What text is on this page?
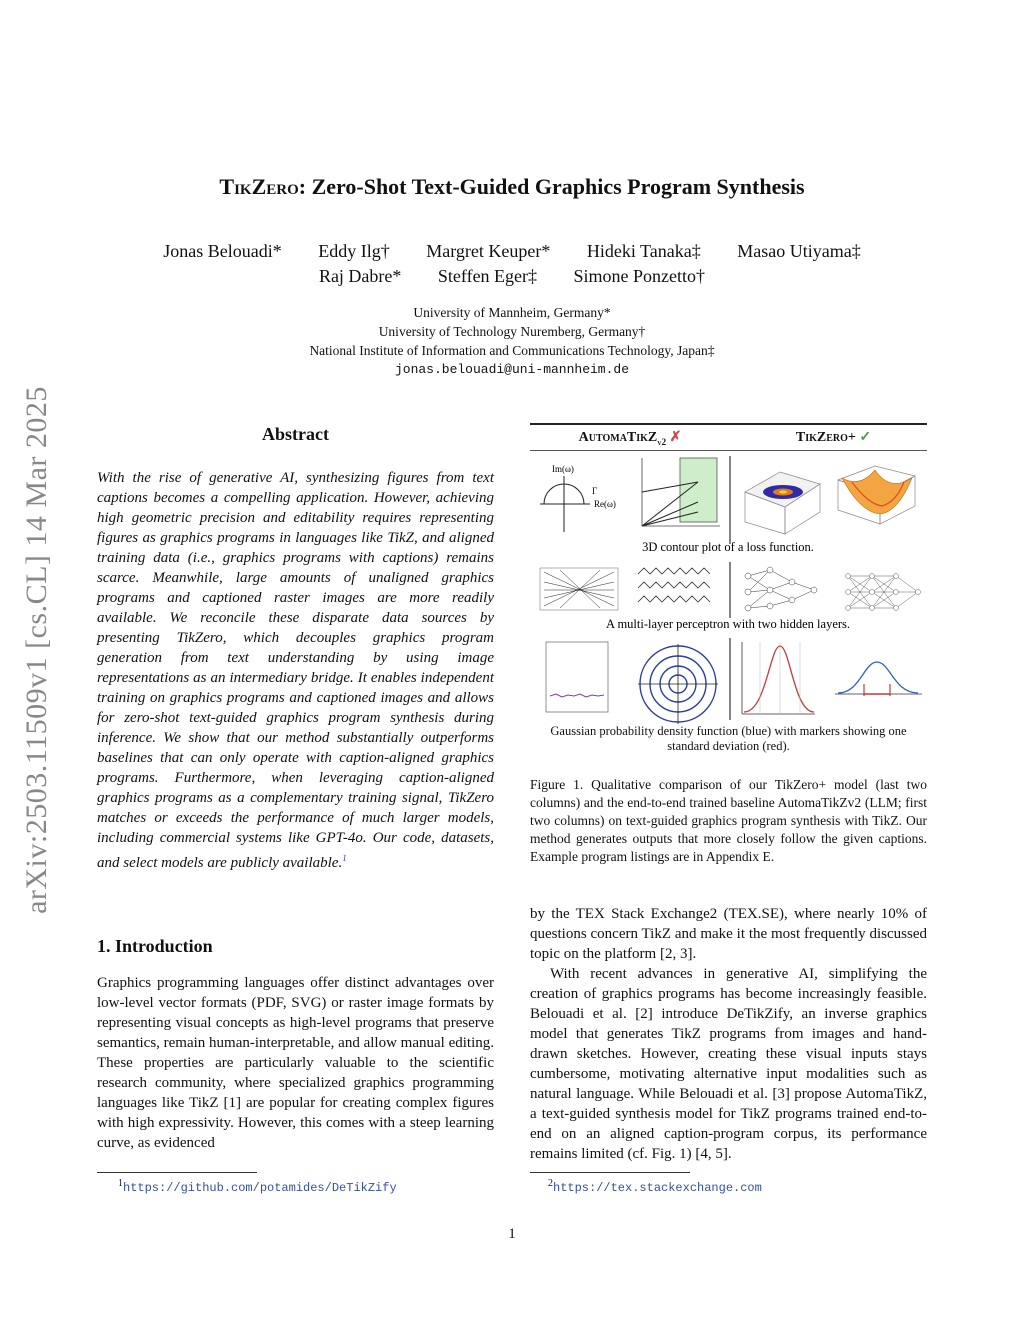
arXiv:2503.11509v1 [cs.CL] 14 Mar 2025
TikZero: Zero-Shot Text-Guided Graphics Program Synthesis
Jonas Belouadi* Eddy Ilg† Margret Keuper* Hideki Tanaka‡ Masao Utiyama‡
Raj Dabre* Steffen Eger‡ Simone Ponzetto†
University of Mannheim, Germany*
University of Technology Nuremberg, Germany†
National Institute of Information and Communications Technology, Japan‡
jonas.belouadi@uni-mannheim.de
Abstract
With the rise of generative AI, synthesizing figures from text captions becomes a compelling application. However, achieving high geometric precision and editability requires representing figures as graphics programs in languages like TikZ, and aligned training data (i.e., graphics programs with captions) remains scarce. Meanwhile, large amounts of unaligned graphics programs and captioned raster images are more readily available. We reconcile these disparate data sources by presenting TikZero, which decouples graphics program generation from text understanding by using image representations as an intermediary bridge. It enables independent training on graphics programs and captioned images and allows for zero-shot text-guided graphics program synthesis during inference. We show that our method substantially outperforms baselines that can only operate with caption-aligned graphics programs. Furthermore, when leveraging caption-aligned graphics programs as a complementary training signal, TikZero matches or exceeds the performance of much larger models, including commercial systems like GPT-4o. Our code, datasets, and select models are publicly available.$^1$
1. Introduction
Graphics programming languages offer distinct advantages over low-level vector formats (PDF, SVG) or raster image formats by representing visual concepts as high-level programs that preserve semantics, remain human-interpretable, and allow manual editing. These properties are particularly valuable to the scientific research community, where specialized graphics programming languages like TikZ [1] are popular for creating complex figures with high expressivity. However, this comes with a steep learning curve, as evidenced
$^1$https://github.com/potamides/DeTikZify
AutomaTikZ$_{v2}$ ✗	TikZero+ ✓
Im(ω)
Γ
Re(ω)
3D contour plot of a loss function.
A multi-layer perceptron with two hidden layers.
Gaussian probability density function (blue) with markers showing one standard deviation (red).
Figure 1. Qualitative comparison of our TikZero+ model (last two columns) and the end-to-end trained baseline AutomaTikZv2 (LLM; first two columns) on text-guided graphics program synthesis with TikZ. Our method generates outputs that more closely follow the given captions. Example program listings are in Appendix E.
by the TEX Stack Exchange2 (TEX.SE), where nearly 10% of questions concern TikZ and make it the most frequently discussed topic on the platform [2, 3].
With recent advances in generative AI, simplifying the creation of graphics programs has become increasingly feasible. Belouadi et al. [2] introduce DeTikZify, an inverse graphics model that generates TikZ programs from images and hand-drawn sketches. However, creating these visual inputs stays cumbersome, motivating alternative input modalities such as natural language. While Belouadi et al. [3] propose AutomaTikZ, a text-guided synthesis model for TikZ programs trained end-to-end on an aligned caption-program corpus, its performance remains limited (cf. Fig. 1) [4, 5].
$^2$https://tex.stackexchange.com
1
